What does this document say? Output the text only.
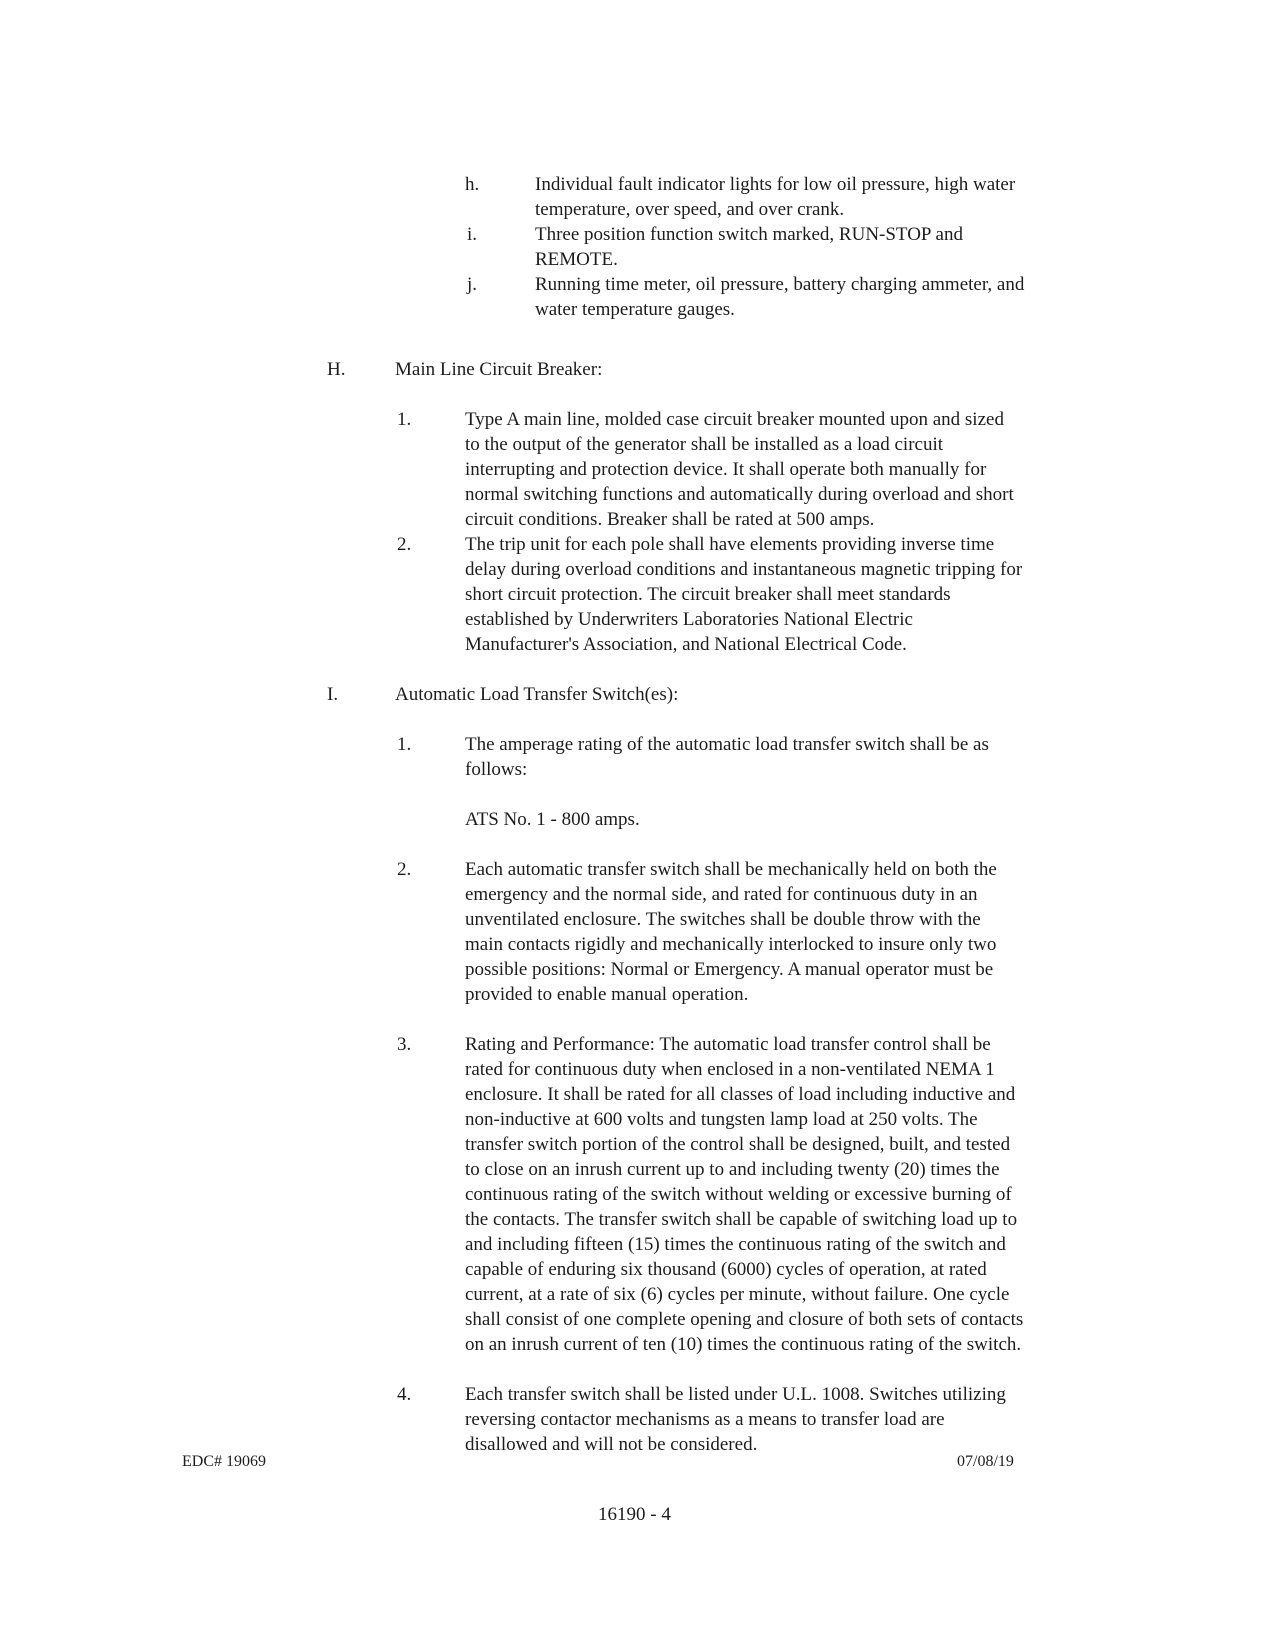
h.	Individual fault indicator lights for low oil pressure, high water
temperature, over speed, and over crank.

i.	Three position function switch marked, RUN-STOP and
REMOTE.

j.	Running time meter, oil pressure, battery charging ammeter, and
water temperature gauges.

H.	Main Line Circuit Breaker:
1.	Type A main line, molded case circuit breaker mounted upon and sized
to the output of the generator shall be installed as a load circuit
interrupting and protection device. It shall operate both manually for
normal switching functions and automatically during overload and short
circuit conditions. Breaker shall be rated at 500 amps.

2.	The trip unit for each pole shall have elements providing inverse time
delay during overload conditions and instantaneous magnetic tripping for
short circuit protection. The circuit breaker shall meet standards
established by Underwriters Laboratories National Electric
Manufacturer's Association, and National Electrical Code.

I.	Automatic Load Transfer Switch(es):
1.	The amperage rating of the automatic load transfer switch shall be as
follows:

ATS No. 1 - 800 amps.
2.	Each automatic transfer switch shall be mechanically held on both the
emergency and the normal side, and rated for continuous duty in an
unventilated enclosure. The switches shall be double throw with the
main contacts rigidly and mechanically interlocked to insure only two
possible positions: Normal or Emergency. A manual operator must be
provided to enable manual operation.

3.	Rating and Performance: The automatic load transfer control shall be
rated for continuous duty when enclosed in a non-ventilated NEMA 1
enclosure. It shall be rated for all classes of load including inductive and
non-inductive at 600 volts and tungsten lamp load at 250 volts. The
transfer switch portion of the control shall be designed, built, and tested
to close on an inrush current up to and including twenty (20) times the
continuous rating of the switch without welding or excessive burning of
the contacts. The transfer switch shall be capable of switching load up to
and including fifteen (15) times the continuous rating of the switch and
capable of enduring six thousand (6000) cycles of operation, at rated
current, at a rate of six (6) cycles per minute, without failure. One cycle
shall consist of one complete opening and closure of both sets of contacts
on an inrush current of ten (10) times the continuous rating of the switch.

4.	Each transfer switch shall be listed under U.L. 1008. Switches utilizing
reversing contactor mechanisms as a means to transfer load are
disallowed and will not be considered.

EDC# 19069	07/08/19
16190 - 4
